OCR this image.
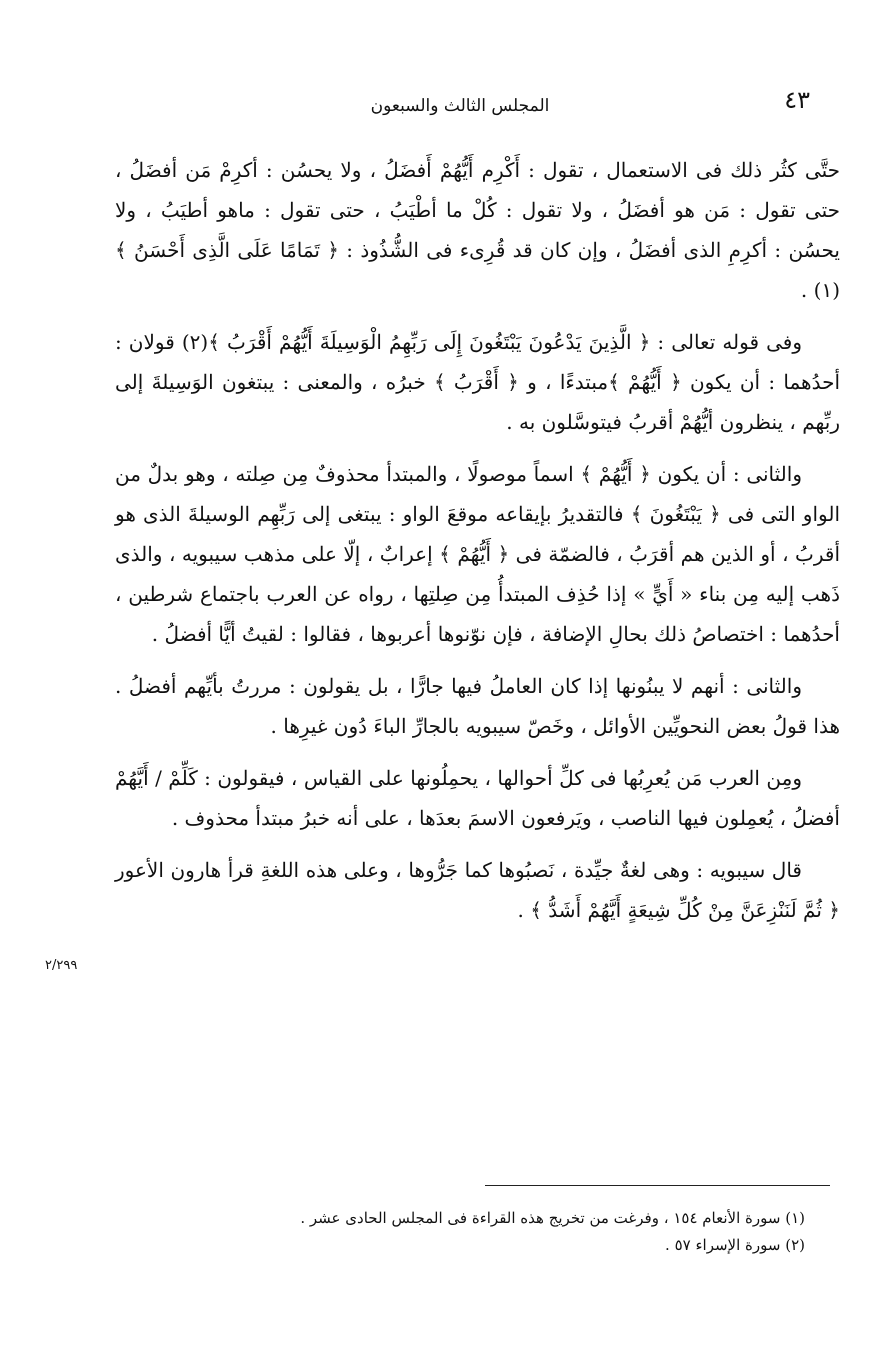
٤٣
المجلس الثالث والسبعون

حتَّى كثُر ذلك فى الاستعمال ، تقول : أَكْرِم أَيُّهُمْ أَفضَلُ ، ولا يحسُن : أكرِمْ مَن أفضَلُ ، حتى تقول : مَن هو أفضَلُ ، ولا تقول : كُلْ ما أطْيَبُ ، حتى تقول : ماهو أطيَبُ ، ولا يحسُن : أكرِمِ الذى أفضَلُ ، وإن كان قد قُرِىء فى الشُّذُوذ : ﴿ تَمَامًا عَلَى الَّذِى أَحْسَنُ ﴾(١) .

وفى قوله تعالى : ﴿ الَّذِينَ يَدْعُونَ يَبْتَغُونَ إِلَى رَبِّهِمُ الْوَسِيلَةَ أَيُّهُمْ أَقْرَبُ ﴾(٢) قولان : أحدُهما : أن يكون ﴿ أَيُّهُمْ ﴾مبتدءًا ، و ﴿ أَقْرَبُ ﴾ خبرُه ، والمعنى : يبتغون الوَسِيلةَ إلى ربِّهم ، ينظرون أيُّهُمْ أقربُ فيتوسَّلون به .

والثانى : أن يكون ﴿ أَيُّهُمْ ﴾ اسماً موصولًا ، والمبتدأ محذوفٌ مِن صِلته ، وهو بدلٌ من الواو التى فى ﴿ يَبْتَغُونَ ﴾ فالتقديرُ بإيقاعه موقعَ الواو : يبتغى إلى رَبِّهِم الوسيلةَ الذى هو أقربُ ، أو الذين هم أقرَبُ ، فالضمّة فى ﴿ أَيُّهُمْ ﴾ إعرابٌ ، إلّا على مذهب سيبويه ، والذى ذَهب إليه مِن بناء « أَيٍّ » إذا حُذِف المبتدأُ مِن صِلتِها ، رواه عن العرب باجتماع شرطين ، أحدُهما : اختصاصُ ذلك بحالِ الإضافة ، فإن نوّنوها أعربوها ، فقالوا : لقيتُ أيًّا أفضلُ .

والثانى : أنهم لا يبنُونها إذا كان العاملُ فيها جارًّا ، بل يقولون : مررتُ بأيِّهم أفضلُ . هذا قولُ بعض النحويِّين الأوائل ، وخَصّ سيبويه بالجارِّ الباءَ دُون غيرِها .

ومِن العرب مَن يُعرِبُها فى كلِّ أحوالها ، يحمِلُونها على القياس ، فيقولون : كَلِّمْ / أَيَّهُمْ أفضلُ ، يُعمِلون فيها الناصب ، ويَرفعون الاسمَ بعدَها ، على أنه خبرُ مبتدأ محذوف .

قال سيبويه : وهى لغةٌ جيِّدة ، نَصبُوها كما جَرُّوها ، وعلى هذه اللغةِ قرأ هارون الأعور ﴿ ثُمَّ لَنَنْزِعَنَّ مِنْ كُلِّ شِيعَةٍ أَيَّهُمْ أَشَدُّ ﴾ .

٢/٢٩٩

(١) سورة الأنعام ١٥٤ ، وفرغت من تخريج هذه القراءة فى المجلس الحادى عشر .

(٢) سورة الإسراء ٥٧ .
